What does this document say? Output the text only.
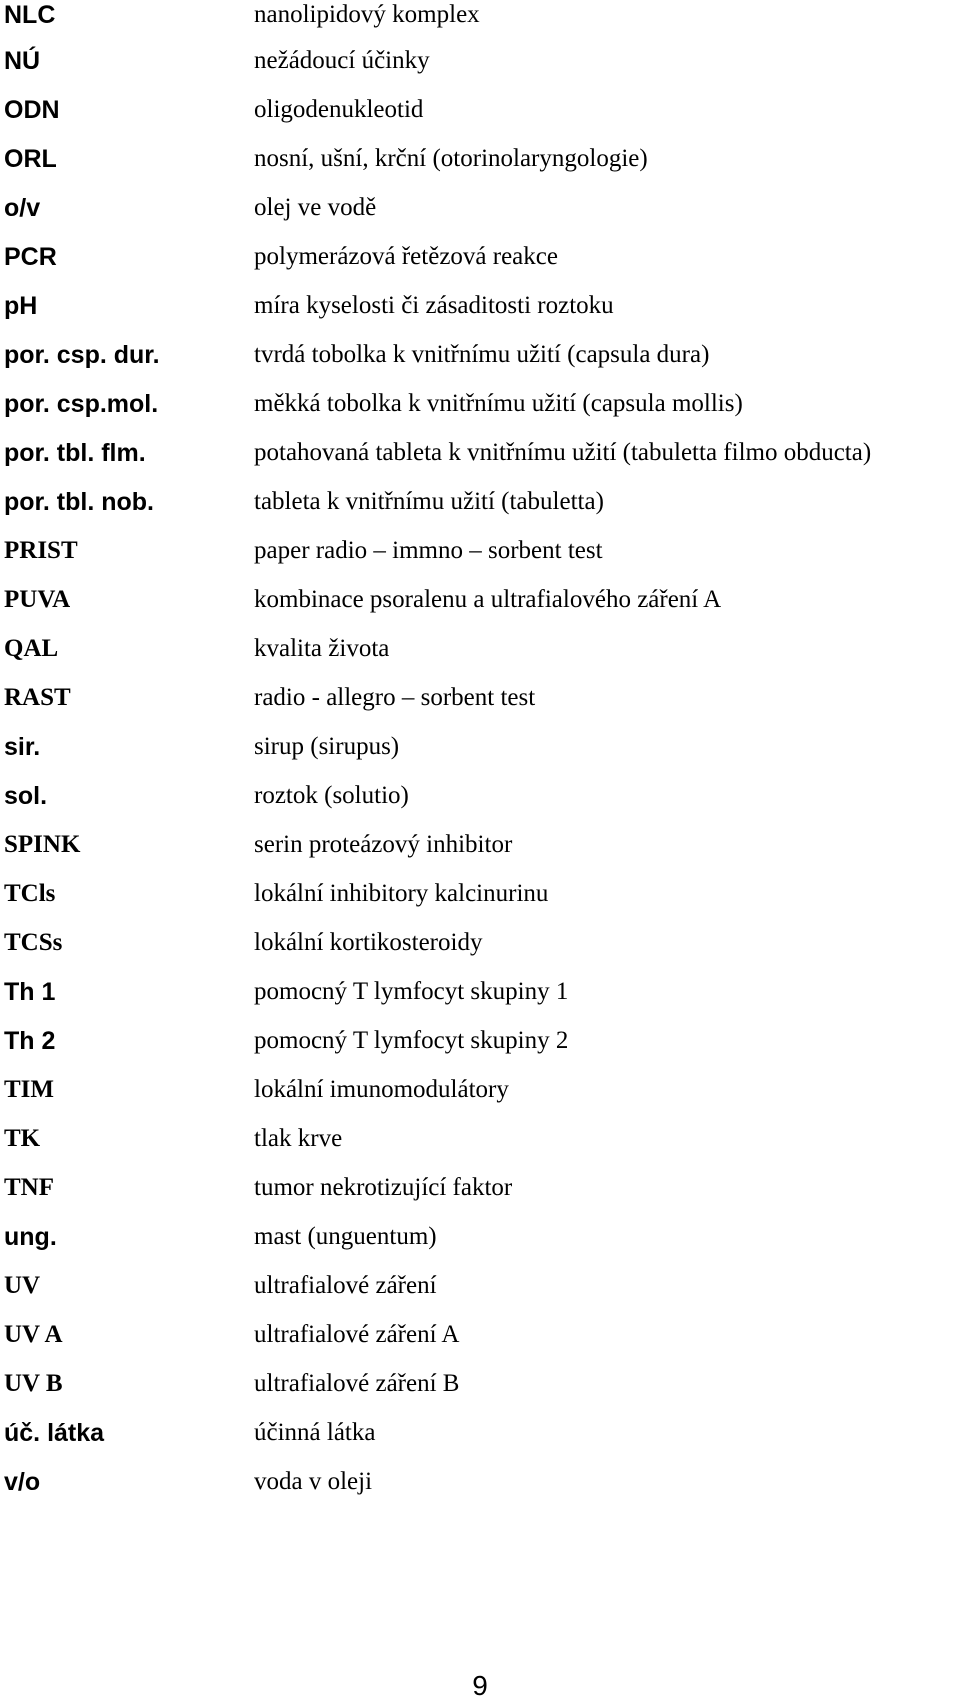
NLC	nanolipidový komplex
NÚ	nežádoucí účinky
ODN	oligodenukleotid
ORL	nosní, ušní, krční (otorinolaryngologie)
o/v	olej ve vodě
PCR	polymerázová řetězová reakce
pH	míra kyselosti či zásaditosti roztoku
por. csp. dur.	tvrdá tobolka k vnitřnímu užití (capsula dura)
por. csp.mol.	měkká tobolka k vnitřnímu užití (capsula mollis)
por. tbl. flm.	potahovaná tableta k vnitřnímu užití (tabuletta filmo obducta)
por. tbl. nob.	tableta k vnitřnímu užití (tabuletta)
PRIST	paper radio – immno – sorbent test
PUVA	kombinace psoralenu a ultrafialového záření A
QAL	kvalita života
RAST	radio - allegro – sorbent test
sir.	sirup (sirupus)
sol.	roztok (solutio)
SPINK	serin proteázový inhibitor
TCls	lokální inhibitory kalcinurinu
TCSs	lokální kortikosteroidy
Th 1	pomocný T lymfocyt skupiny 1
Th 2	pomocný T lymfocyt skupiny 2
TIM	lokální imunomodulátory
TK	tlak krve
TNF	tumor nekrotizující faktor
ung.	mast (unguentum)
UV	ultrafialové záření
UV A	ultrafialové záření A
UV B	ultrafialové záření B
úč. látka	účinná látka
v/o	voda v oleji
9
